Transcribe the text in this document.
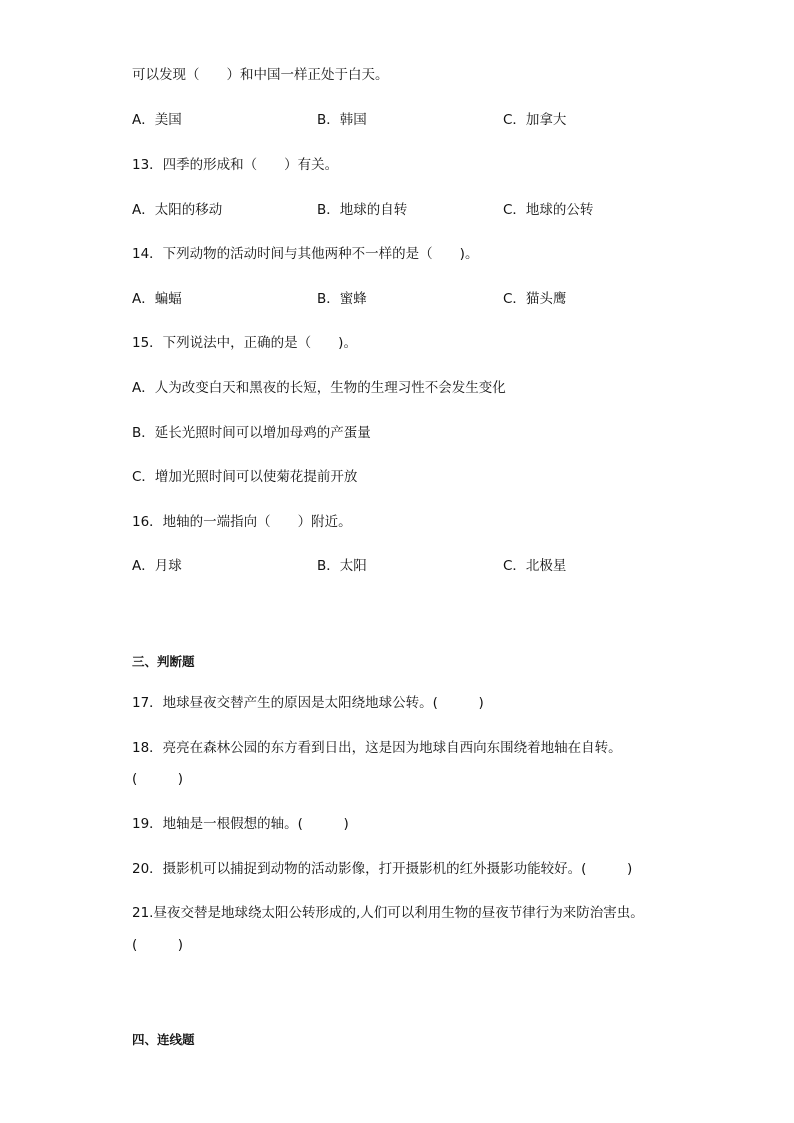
可以发现（　　）和中国一样正处于白天。
A．美国	B．韩国	C．加拿大
13．四季的形成和（　　）有关。
A．太阳的移动	B．地球的自转	C．地球的公转
14．下列动物的活动时间与其他两种不一样的是（　　)。
A．蝙蝠	B．蜜蜂	C．猫头鹰
15．下列说法中，正确的是（　　)。
A．人为改变白天和黑夜的长短，生物的生理习性不会发生变化
B．延长光照时间可以增加母鸡的产蛋量
C．增加光照时间可以使菊花提前开放
16．地轴的一端指向（　　）附近。
A．月球	B．太阳	C．北极星
三、判断题
17．地球昼夜交替产生的原因是太阳绕地球公转。(　　　)
18．亮亮在森林公园的东方看到日出，这是因为地球自西向东围绕着地轴在自转。
(　　　)
19．地轴是一根假想的轴。(　　　)
20．摄影机可以捕捉到动物的活动影像，打开摄影机的红外摄影功能较好。(　　　)
21.昼夜交替是地球绕太阳公转形成的,人们可以利用生物的昼夜节律行为来防治害虫。
(　　　)
四、连线题
